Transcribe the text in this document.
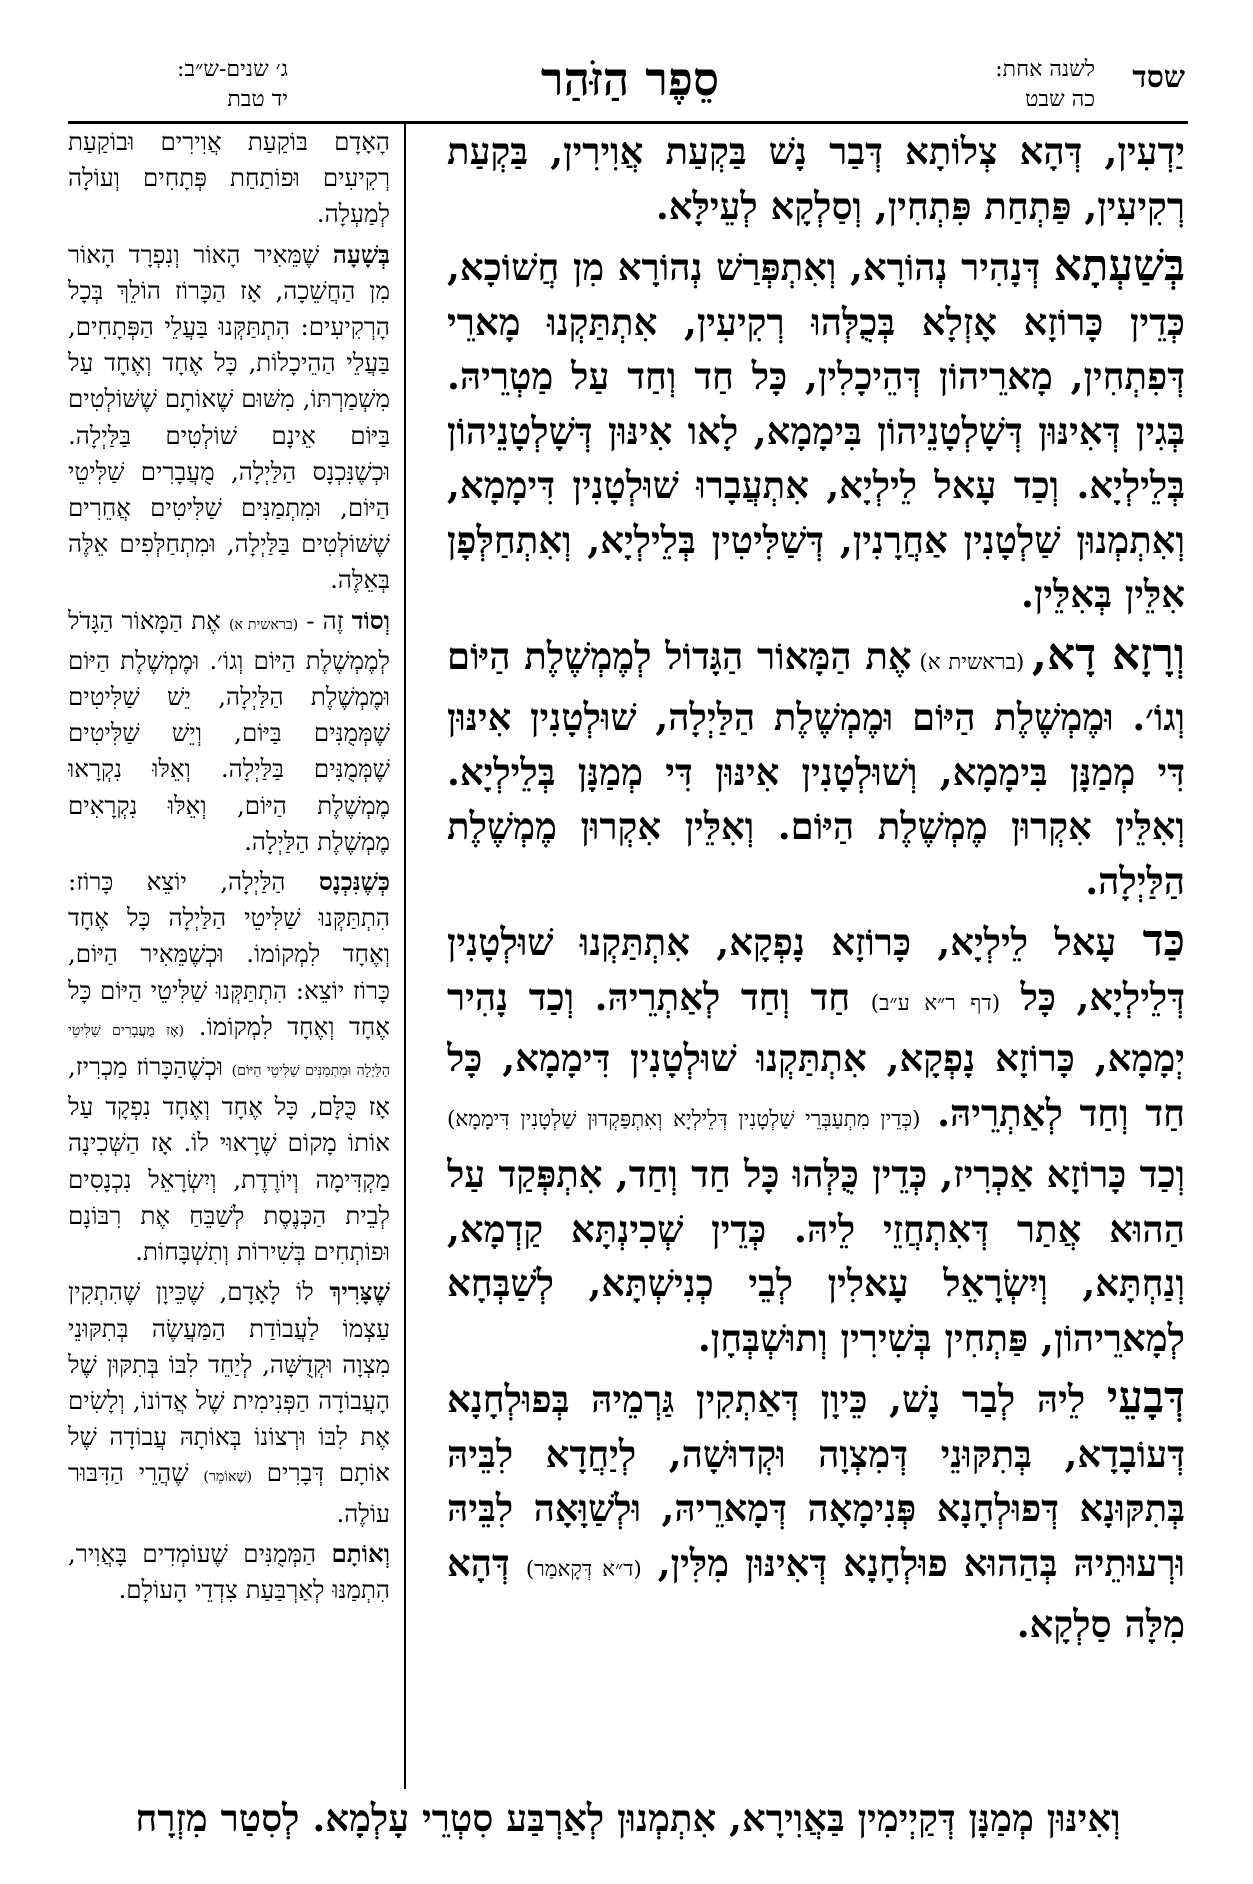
שסד
לשנה אחת:
כה שבט
סֵפֶר הַזֹּהַר
ג׳ שנים-ש״ב:
יד טבת

יַדְעִין, דְּהָא צְלוֹתָא דְּבַר נָשׁ בַּקְעַת אֲוִירִין, בַּקְעַת רְקִיעִין, פַּתְחַת פִּתְחִין, וְסַלְקָא לְעֵילָּא.

בְּשַׁעְתָא דְּנָהִיר נְהוֹרָא, וְאִתְפְּרַשׁ נְהוֹרָא מִן חֲשׁוֹכָא, כְּדֵין כָּרוֹזָא אָזְלָא בְּכֻלְּהוּ רְקִיעִין, אִתְתַּקְנוּ מָארֵי דְּפִתְחִין, מָארֵיהוֹן דְּהֵיכָלִין, כָּל חַד וְחַד עַל מַטְרֵיהּ. בְּגִין דְּאִינּוּן דְּשָׁלְטָנֵיהוֹן בִּימָמָא, לָאו אִינּוּן דְּשָׁלְטָנֵיהוֹן בְּלֵילְיָא. וְכַד עָאל לֵילְיָא, אִתְעֲבָרוּ שׁוּלְטָנִין דִּימָמָא, וְאִתְמְנוּן שַׁלְטָנִין אַחֲרָנִין, דְּשַׁלִּיטִין בְּלֵילְיָא, וְאִתְחַלְּפָן אִלֵּין בְּאִלֵּין.

וְרָזָא דָא, (בראשית א) אֶת הַמָּאוֹר הַגָּדוֹל לְמֶמְשֶׁלֶת הַיּוֹם וְגוֹ׳. וּמֶמְשֶׁלֶת הַיּוֹם וּמֶמְשֶׁלֶת הַלַּיְלָה, שׁוּלְטָנִין אִינּוּן דִּי מְמַנָּן בִּימָמָא, וְשׁוּלְטָנִין אִינּוּן דִּי מְמַנָּן בְּלֵילְיָא. וְאִלֵּין אִקְרוּן מֶמְשֶׁלֶת הַיּוֹם. וְאִלֵּין אִקְרוּן מֶמְשֶׁלֶת הַלַּיְלָה.

כַּד עָאל לֵילְיָא, כָּרוֹזָא נָפְקָא, אִתְתַּקְנוּ שׁוּלְטָנִין דְּלֵילְיָא, כָּל (דף ר״א ע״ב) חַד וְחַד לְאַתְרֵיהּ. וְכַד נָהִיר יְמָמָא, כָּרוֹזָא נָפְקָא, אִתְתַּקְנוּ שׁוּלְטָנִין דִּימָמָא, כָּל חַד וְחַד לְאַתְרֵיהּ. (כְּדֵין מִתְעַבְּרֵי שַׁלְטָנִין דְּלֵילְיָא וְאִתְפַּקְדוּן שַׁלְטָנִין דִּימָמָא) וְכַד כָּרוֹזָא אַכְרִיז, כְּדֵין כֻּלְּהוּ כָּל חַד וְחַד, אִתְפְּקַד עַל הַהוּא אֲתַר דְּאִתְחֲזֵי לֵיהּ. כְּדֵין שְׁכִינְתָּא קַדְמָא, וְנַחְתָּא, וְיִשְׂרָאֵל עָאלִין לְבֵי כְנִישְׁתָּא, לְשַׁבְּחָא לְמָארֵיהוֹן, פַּתְחִין בְּשִׁירִין וְתוּשְׁבְּחָן.

דְּבָעֵי לֵיהּ לְבַר נָשׁ, כֵּיוָן דְּאַתְקִין גַּרְמֵיהּ בְּפוּלְחָנָא דְּעוֹבָדָא, בְּתִקּוּנֵי דְּמִצְוָה וּקְדוּשָׁה, לְיַחֲדָא לִבֵּיהּ בְּתִקּוּנָא דְּפוּלְחָנָא פְּנִימָאָה דְּמָארֵיהּ, וּלְשַׁוָּאָה לִבֵּיהּ וּרְעוּתֵיהּ בְּהַהוּא פוּלְחָנָא דְּאִינּוּן מִלִּין, (ד״א דְּקָאמַר) דְּהָא מִלָּה סַלְקָא.

הָאָדָם בּוֹקַעַת אֲוִירִים וּבוֹקַעַת רְקִיעִים וּפוֹתַחַת פְּתָחִים וְעוֹלָה לְמַעְלָה.

בְּשָׁעָה שֶׁמֵּאִיר הָאוֹר וְנִפְרָד הָאוֹר מִן הַחֲשֵׁכָה, אָז הַכָּרוֹז הוֹלֵךְ בְּכָל הָרְקִיעִים: הִתְתַּקְּנוּ בַּעֲלֵי הַפְּתָחִים, בַּעֲלֵי הַהֵיכָלוֹת, כָּל אֶחָד וְאֶחָד עַל מִשְׁמַרְתּוֹ, מִשּׁוּם שֶׁאוֹתָם שֶׁשּׁוֹלְטִים בַּיּוֹם אֵינָם שׁוֹלְטִים בַּלַּיְלָה. וּכְשֶׁנִּכְנָס הַלַּיְלָה, מֻעֲבָרִים שַׁלִּיטֵי הַיּוֹם, וּמִתְמַנִּים שַׁלִּיטִים אֲחֵרִים שֶׁשּׁוֹלְטִים בַּלַּיְלָה, וּמִתְחַלְּפִים אֵלֶּה בְּאֵלֶּה.

וְסוֹד זֶה - (בראשית א) אֶת הַמָּאוֹר הַגָּדֹל לְמֶמְשֶׁלֶת הַיּוֹם וְגוֹ׳. וּמֶמְשֶׁלֶת הַיּוֹם וּמֶמְשֶׁלֶת הַלַּיְלָה, יֵשׁ שַׁלִּיטִים שֶׁמְּמֻנִּים בַּיּוֹם, וְיֵשׁ שַׁלִּיטִים שֶׁמְּמֻנִּים בַּלַּיְלָה. וְאֵלּוּ נִקְרָאוּ מֶמְשֶׁלֶת הַיּוֹם, וְאֵלּוּ נִקְרָאִים מֶמְשֶׁלֶת הַלַּיְלָה.

כְּשֶׁנִּכְנָס הַלַּיְלָה, יוֹצֵא כָּרוֹז: הִתְתַּקְּנוּ שַׁלִּיטֵי הַלַּיְלָה כָּל אֶחָד וְאֶחָד לִמְקוֹמוֹ. וּכְשֶׁמֵּאִיר הַיּוֹם, כָּרוֹז יוֹצֵא: הִתְתַּקְּנוּ שַׁלִּיטֵי הַיּוֹם כָּל אֶחָד וְאֶחָד לִמְקוֹמוֹ. (אָז מֻעֲבָרִים שַׁלִּיטֵי הַלַּיְלָה וּמִתְמַנִּים שַׁלִּיטֵי הַיּוֹם) וּכְשֶׁהַכָּרוֹז מַכְרִיז, אָז כֻּלָּם, כָּל אֶחָד וְאֶחָד נִפְקָד עַל אוֹתוֹ מָקוֹם שֶׁרָאוּי לוֹ. אָז הַשְּׁכִינָה מַקְדִּימָה וְיוֹרֶדֶת, וְיִשְׂרָאֵל נִכְנָסִים לְבֵית הַכְּנֶסֶת לְשַׁבֵּחַ אֶת רִבּוֹנָם וּפוֹתְחִים בְּשִׁירוֹת וְתִשְׁבָּחוֹת.

שֶׁצָּרִיךְ לוֹ לָאָדָם, שֶׁכֵּיוָן שֶׁהִתְקִין עַצְמוֹ לַעֲבוֹדַת הַמַּעֲשֶׂה בְּתִקּוּנֵי מִצְוָה וּקְדֻשָּׁה, לְיַחֵד לִבּוֹ בְּתִקּוּן שֶׁל הָעֲבוֹדָה הַפְּנִימִית שֶׁל אֲדוֹנוֹ, וְלָשִׂים אֶת לִבּוֹ וּרְצוֹנוֹ בְּאוֹתָהּ עֲבוֹדָה שֶׁל אוֹתָם דְּבָרִים (שֶׁאוֹמֵר) שֶׁהֲרֵי הַדִּבּוּר עוֹלֶה.

וְאוֹתָם הַמְּמֻנִּים שֶׁעוֹמְדִים בָּאֲוִיר, הִתְמַנּוּ לְאַרְבַּעַת צִדְדֵי הָעוֹלָם.

וְאִינּוּן מְמַנָּן דְּקַיְימִין בַּאֲוִירָא, אִתְמְנוּן לְאַרְבַּע סִטְרֵי עָלְמָא. לְסִטַר מִזְרָח
